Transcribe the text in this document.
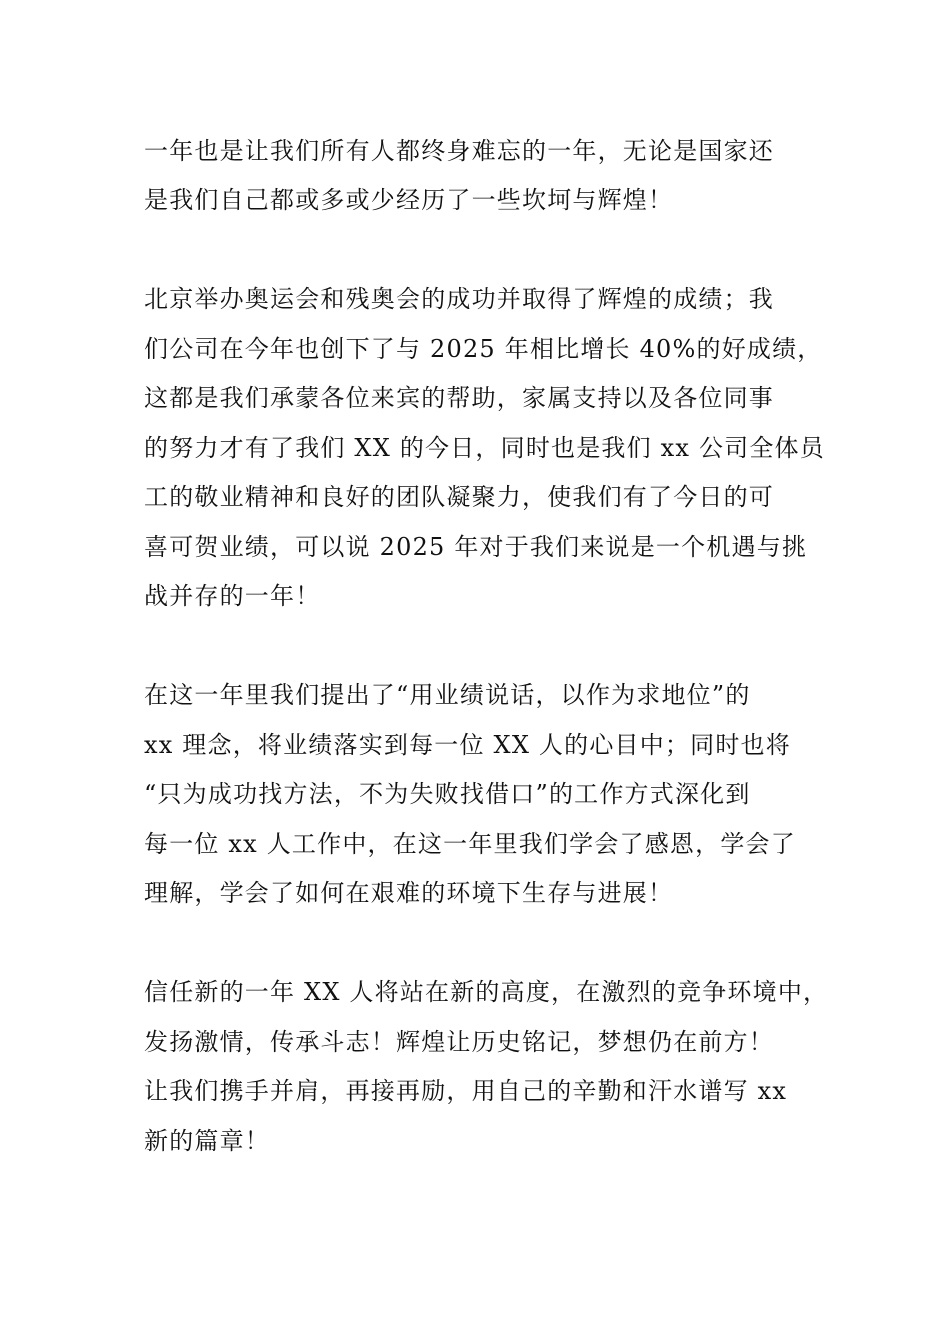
一年也是让我们所有人都终身难忘的一年，无论是国家还
是我们自己都或多或少经历了一些坎坷与辉煌！
北京举办奥运会和残奥会的成功并取得了辉煌的成绩；我
们公司在今年也创下了与 2025 年相比增长 40%的好成绩，
这都是我们承蒙各位来宾的帮助，家属支持以及各位同事
的努力才有了我们 XX 的今日，同时也是我们 xx 公司全体员
工的敬业精神和良好的团队凝聚力，使我们有了今日的可
喜可贺业绩，可以说 2025 年对于我们来说是一个机遇与挑
战并存的一年！
在这一年里我们提出了“用业绩说话，以作为求地位”的
xx 理念，将业绩落实到每一位 XX 人的心目中；同时也将
“只为成功找方法，不为失败找借口”的工作方式深化到
每一位 xx 人工作中，在这一年里我们学会了感恩，学会了
理解，学会了如何在艰难的环境下生存与进展！
信任新的一年 XX 人将站在新的高度，在激烈的竞争环境中，
发扬激情，传承斗志！辉煌让历史铭记，梦想仍在前方！
让我们携手并肩，再接再励，用自己的辛勤和汗水谱写 xx
新的篇章！
